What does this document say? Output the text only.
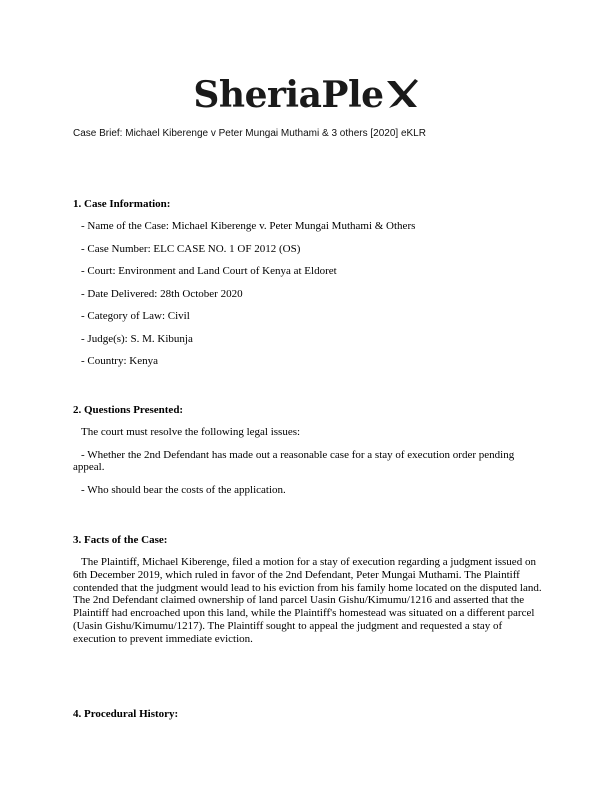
SheriaPle
Case Brief: Michael Kiberenge v Peter Mungai Muthami & 3 others [2020] eKLR

1. Case Information:

- Name of the Case: Michael Kiberenge v. Peter Mungai Muthami & Others

- Case Number: ELC CASE NO. 1 OF 2012 (OS)

- Court: Environment and Land Court of Kenya at Eldoret

- Date Delivered: 28th October 2020

- Category of Law: Civil

- Judge(s): S. M. Kibunja

- Country: Kenya

2. Questions Presented:

The court must resolve the following legal issues:

- Whether the 2nd Defendant has made out a reasonable case for a stay of execution order pending appeal.

- Who should bear the costs of the application.

3. Facts of the Case:

The Plaintiff, Michael Kiberenge, filed a motion for a stay of execution regarding a judgment issued on 6th December 2019, which ruled in favor of the 2nd Defendant, Peter Mungai Muthami. The Plaintiff contended that the judgment would lead to his eviction from his family home located on the disputed land. The 2nd Defendant claimed ownership of land parcel Uasin Gishu/Kimumu/1216 and asserted that the Plaintiff had encroached upon this land, while the Plaintiff's homestead was situated on a different parcel (Uasin Gishu/Kimumu/1217). The Plaintiff sought to appeal the judgment and requested a stay of execution to prevent immediate eviction.

4. Procedural History:
